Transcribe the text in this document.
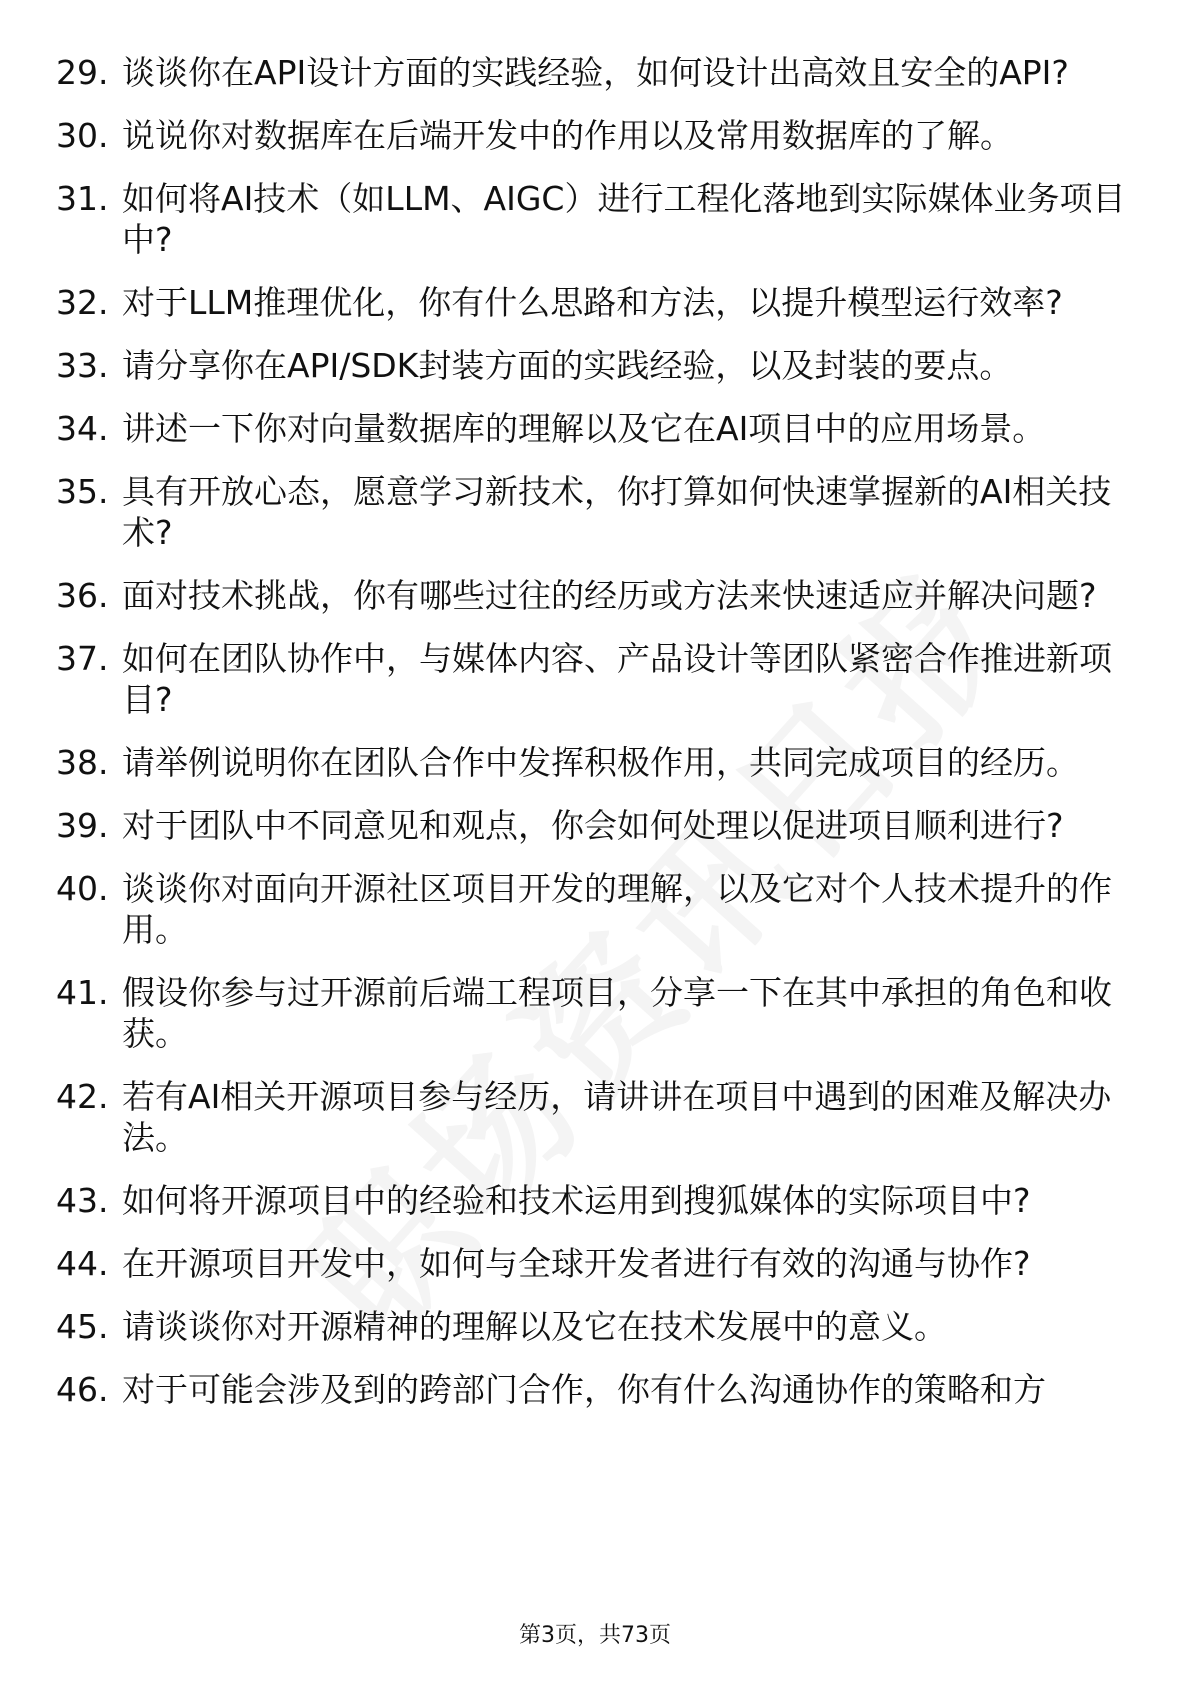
29. 谈谈你在API设计方面的实践经验，如何设计出高效且安全的API?
30. 说说你对数据库在后端开发中的作用以及常用数据库的了解。
31. 如何将AI技术（如LLM、AIGC）进行工程化落地到实际媒体业务项目中?
32. 对于LLM推理优化，你有什么思路和方法，以提升模型运行效率?
33. 请分享你在API/SDK封装方面的实践经验，以及封装的要点。
34. 讲述一下你对向量数据库的理解以及它在AI项目中的应用场景。
35. 具有开放心态，愿意学习新技术，你打算如何快速掌握新的AI相关技术?
36. 面对技术挑战，你有哪些过往的经历或方法来快速适应并解决问题?
37. 如何在团队协作中，与媒体内容、产品设计等团队紧密合作推进新项目?
38. 请举例说明你在团队合作中发挥积极作用，共同完成项目的经历。
39. 对于团队中不同意见和观点，你会如何处理以促进项目顺利进行?
40. 谈谈你对面向开源社区项目开发的理解，以及它对个人技术提升的作用。
41. 假设你参与过开源前后端工程项目，分享一下在其中承担的角色和收获。
42. 若有AI相关开源项目参与经历，请讲讲在项目中遇到的困难及解决办法。
43. 如何将开源项目中的经验和技术运用到搜狐媒体的实际项目中?
44. 在开源项目开发中，如何与全球开发者进行有效的沟通与协作?
45. 请谈谈你对开源精神的理解以及它在技术发展中的意义。
46. 对于可能会涉及到的跨部门合作，你有什么沟通协作的策略和方
第3页，共73页
